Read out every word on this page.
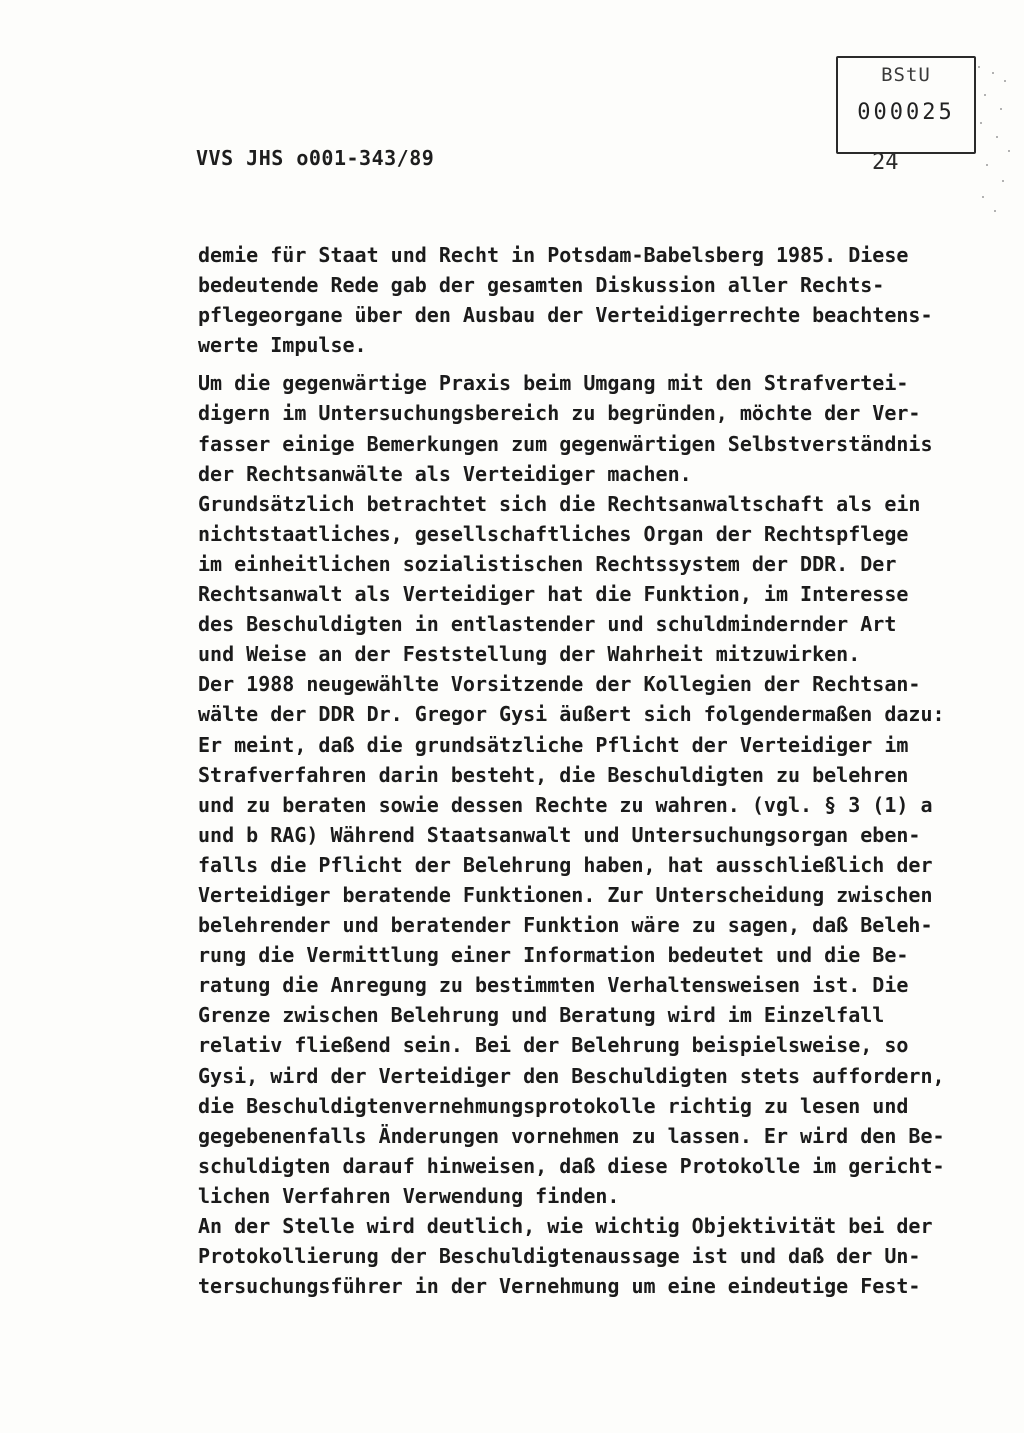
BStU
000025
VVS JHS o001-343/89	24
demie für Staat und Recht in Potsdam-Babelsberg 1985. Diese
bedeutende Rede gab der gesamten Diskussion aller Rechts-
pflegeorgane über den Ausbau der Verteidigerrechte beachtens-
werte Impulse.
Um die gegenwärtige Praxis beim Umgang mit den Strafvertei-
digern im Untersuchungsbereich zu begründen, möchte der Ver-
fasser einige Bemerkungen zum gegenwärtigen Selbstverständnis
der Rechtsanwälte als Verteidiger machen.
Grundsätzlich betrachtet sich die Rechtsanwaltschaft als ein
nichtstaatliches, gesellschaftliches Organ der Rechtspflege
im einheitlichen sozialistischen Rechtssystem der DDR. Der
Rechtsanwalt als Verteidiger hat die Funktion, im Interesse
des Beschuldigten in entlastender und schuldmindernder Art
und Weise an der Feststellung der Wahrheit mitzuwirken.
Der 1988 neugewählte Vorsitzende der Kollegien der Rechtsan-
wälte der DDR Dr. Gregor Gysi äußert sich folgendermaßen dazu:
Er meint, daß die grundsätzliche Pflicht der Verteidiger im
Strafverfahren darin besteht, die Beschuldigten zu belehren
und zu beraten sowie dessen Rechte zu wahren. (vgl. § 3 (1) a
und b RAG) Während Staatsanwalt und Untersuchungsorgan eben-
falls die Pflicht der Belehrung haben, hat ausschließlich der
Verteidiger beratende Funktionen. Zur Unterscheidung zwischen
belehrender und beratender Funktion wäre zu sagen, daß Beleh-
rung die Vermittlung einer Information bedeutet und die Be-
ratung die Anregung zu bestimmten Verhaltensweisen ist. Die
Grenze zwischen Belehrung und Beratung wird im Einzelfall
relativ fließend sein. Bei der Belehrung beispielsweise, so
Gysi, wird der Verteidiger den Beschuldigten stets auffordern,
die Beschuldigtenvernehmungsprotokolle richtig zu lesen und
gegebenenfalls Änderungen vornehmen zu lassen. Er wird den Be-
schuldigten darauf hinweisen, daß diese Protokolle im gericht-
lichen Verfahren Verwendung finden.
An der Stelle wird deutlich, wie wichtig Objektivität bei der
Protokollierung der Beschuldigtenaussage ist und daß der Un-
tersuchungsführer in der Vernehmung um eine eindeutige Fest-
